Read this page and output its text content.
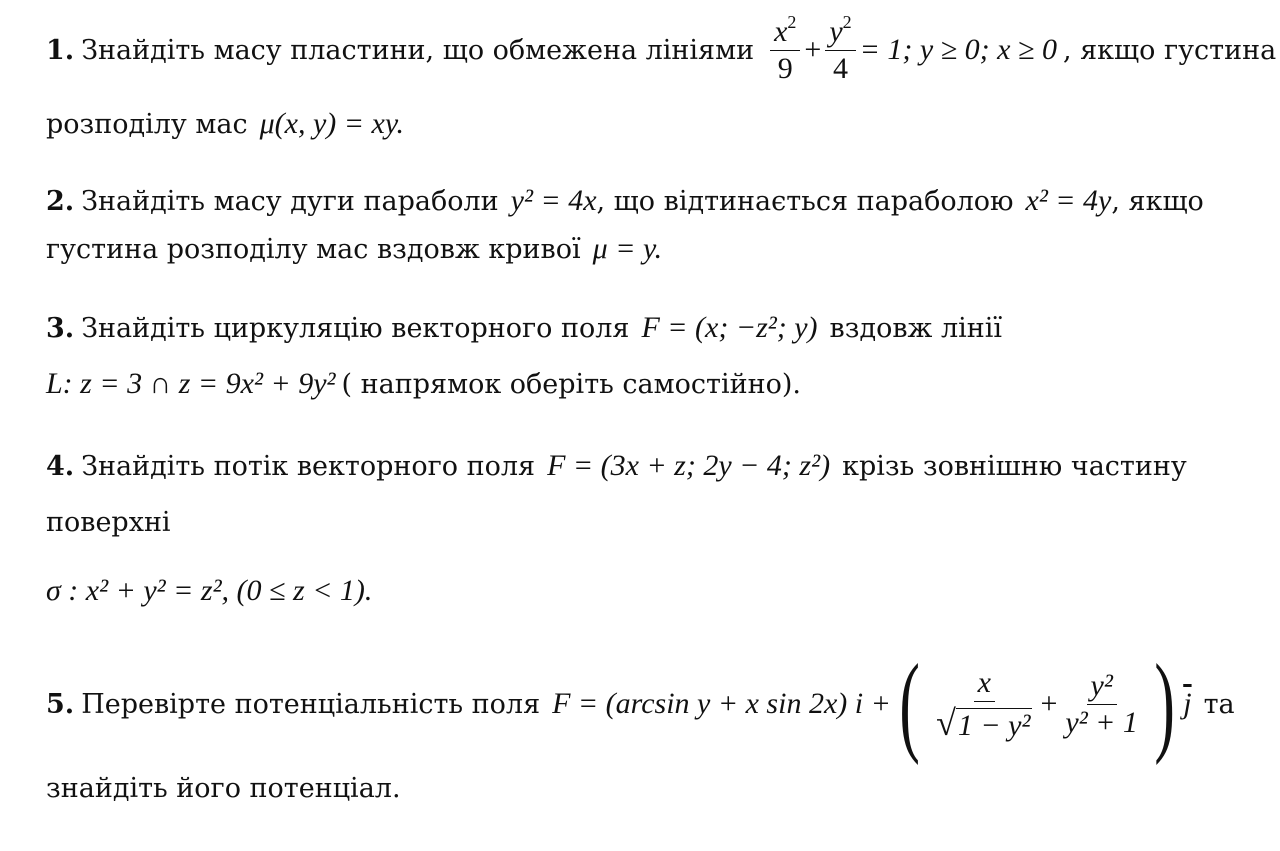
1. Знайдіть масу пластини, що обмежена лініями $\frac{x^2}{9} + \frac{y^2}{4} = 1$; y ≥ 0; x ≥ 0 , якщо густина
розподілу мас μ(x, y) = xy.
2. Знайдіть масу дуги параболи y² = 4x , що відтинається параболою x² = 4y , якщо
густина розподілу мас вздовж кривої μ = y.
3. Знайдіть циркуляцію векторного поля F = (x; −z²; y) вздовж лінії
L: z = 3 ∩ z = 9x² + 9y² ( напрямок оберіть самостійно).
4. Знайдіть потік векторного поля F = (3x + z; 2y − 4; z²) крізь зовнішню частину
поверхні
σ : x² + y² = z², (0 ≤ z < 1).
5. Перевірте потенціальність поля F = (arcsin y + x sin 2x) i + ( $\frac{x}{\text{√ 1 − y²}} + \frac{\text{y²}}{\text{y² + 1}}$ ) $\overline{j}$ та
знайдіть його потенціал.
